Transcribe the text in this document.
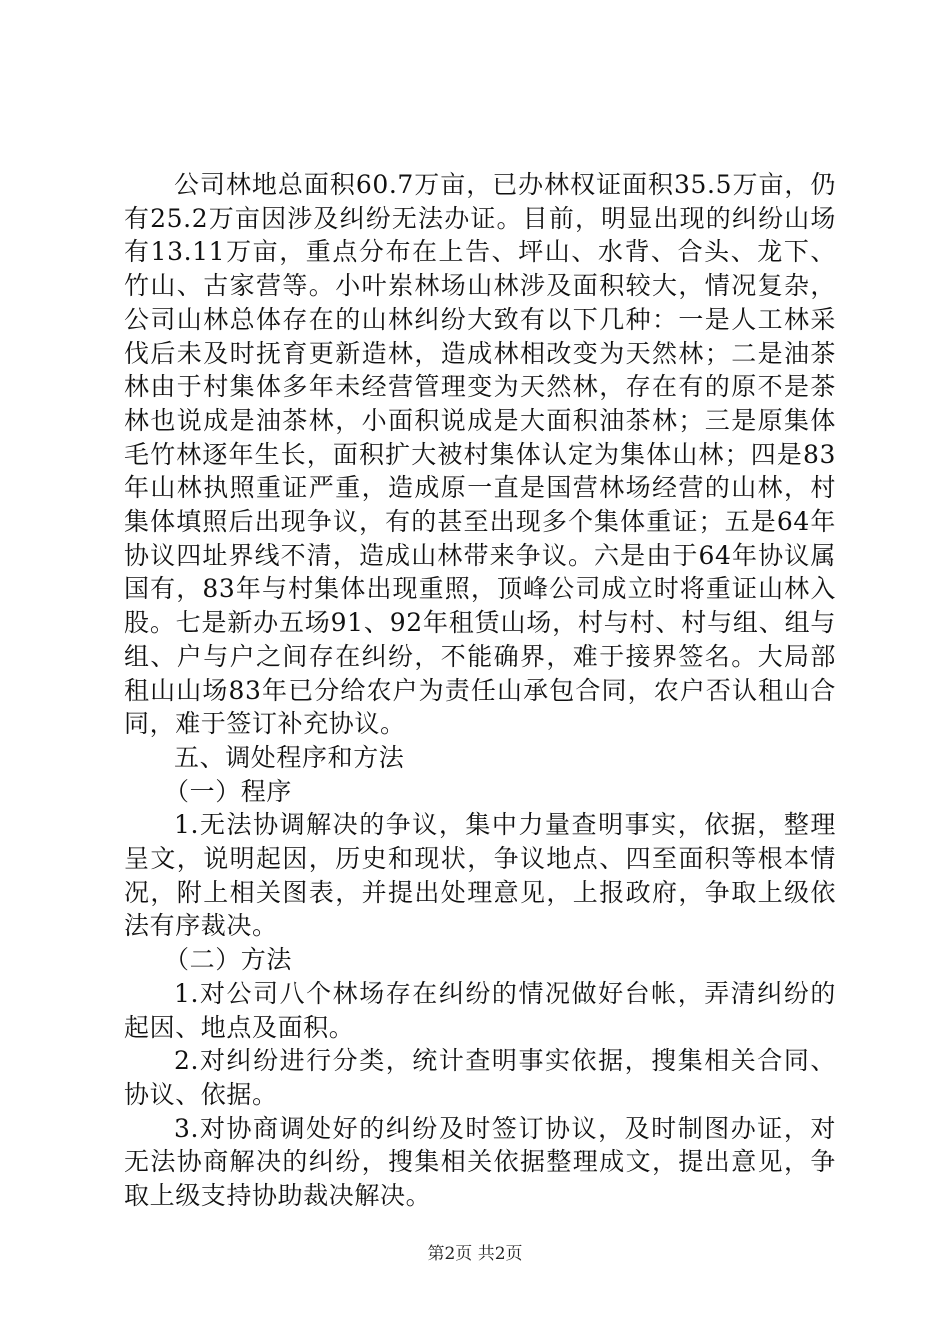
公司林地总面积60.7万亩，已办林权证面积35.5万亩，仍有25.2万亩因涉及纠纷无法办证。目前，明显出现的纠纷山场有13.11万亩，重点分布在上告、坪山、水背、合头、龙下、竹山、古家营等。小叶岽林场山林涉及面积较大，情况复杂，公司山林总体存在的山林纠纷大致有以下几种：一是人工林采伐后未及时抚育更新造林，造成林相改变为天然林；二是油茶林由于村集体多年未经营管理变为天然林，存在有的原不是茶林也说成是油茶林，小面积说成是大面积油茶林；三是原集体毛竹林逐年生长，面积扩大被村集体认定为集体山林；四是83年山林执照重证严重，造成原一直是国营林场经营的山林，村集体填照后出现争议，有的甚至出现多个集体重证；五是64年协议四址界线不清，造成山林带来争议。六是由于64年协议属国有，83年与村集体出现重照，顶峰公司成立时将重证山林入股。七是新办五场91、92年租赁山场，村与村、村与组、组与组、户与户之间存在纠纷，不能确界，难于接界签名。大局部租山山场83年已分给农户为责任山承包合同，农户否认租山合同，难于签订补充协议。

五、调处程序和方法

（一）程序

1.无法协调解决的争议，集中力量查明事实，依据，整理呈文，说明起因，历史和现状，争议地点、四至面积等根本情况，附上相关图表，并提出处理意见，上报政府，争取上级依法有序裁决。

（二）方法

1.对公司八个林场存在纠纷的情况做好台帐，弄清纠纷的起因、地点及面积。

2.对纠纷进行分类，统计查明事实依据，搜集相关合同、协议、依据。

3.对协商调处好的纠纷及时签订协议，及时制图办证，对无法协商解决的纠纷，搜集相关依据整理成文，提出意见，争取上级支持协助裁决解决。

第2页 共2页
